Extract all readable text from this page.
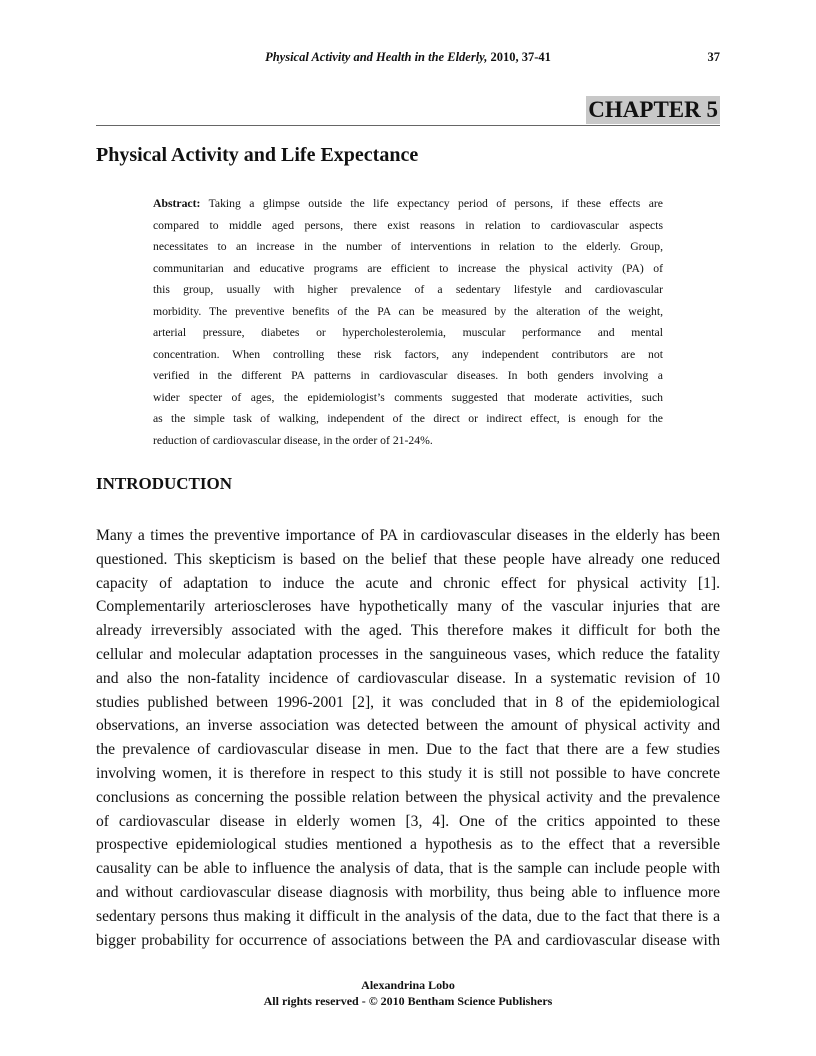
Physical Activity and Health in the Elderly, 2010, 37-41	37
CHAPTER 5
Physical Activity and Life Expectance
Abstract: Taking a glimpse outside the life expectancy period of persons, if these effects are
compared to middle aged persons, there exist reasons in relation to cardiovascular aspects
necessitates to an increase in the number of interventions in relation to the elderly. Group,
communitarian and educative programs are efficient to increase the physical activity (PA) of
this group, usually with higher prevalence of a sedentary lifestyle and cardiovascular
morbidity. The preventive benefits of the PA can be measured by the alteration of the weight,
arterial pressure, diabetes or hypercholesterolemia, muscular performance and mental
concentration. When controlling these risk factors, any independent contributors are not
verified in the different PA patterns in cardiovascular diseases. In both genders involving a
wider specter of ages, the epidemiologist’s comments suggested that moderate activities, such
as the simple task of walking, independent of the direct or indirect effect, is enough for the
reduction of cardiovascular disease, in the order of 21-24%.
INTRODUCTION
Many a times the preventive importance of PA in cardiovascular diseases in the elderly has been
questioned. This skepticism is based on the belief that these people have already one reduced
capacity of adaptation to induce the acute and chronic effect for physical activity [1].
Complementarily arterioscleroses have hypothetically many of the vascular injuries that are
already irreversibly associated with the aged. This therefore makes it difficult for both the
cellular and molecular adaptation processes in the sanguineous vases, which reduce the fatality
and also the non-fatality incidence of cardiovascular disease. In a systematic revision of 10
studies published between 1996-2001 [2], it was concluded that in 8 of the epidemiological
observations, an inverse association was detected between the amount of physical activity and
the prevalence of cardiovascular disease in men. Due to the fact that there are a few studies
involving women, it is therefore in respect to this study it is still not possible to have concrete
conclusions as concerning the possible relation between the physical activity and the prevalence
of cardiovascular disease in elderly women [3, 4]. One of the critics appointed to these
prospective epidemiological studies mentioned a hypothesis as to the effect that a reversible
causality can be able to influence the analysis of data, that is the sample can include people with
and without cardiovascular disease diagnosis with morbility, thus being able to influence more
sedentary persons thus making it difficult in the analysis of the data, due to the fact that there is a
bigger probability for occurrence of associations between the PA and cardiovascular disease with
Alexandrina Lobo
All rights reserved - © 2010 Bentham Science Publishers
